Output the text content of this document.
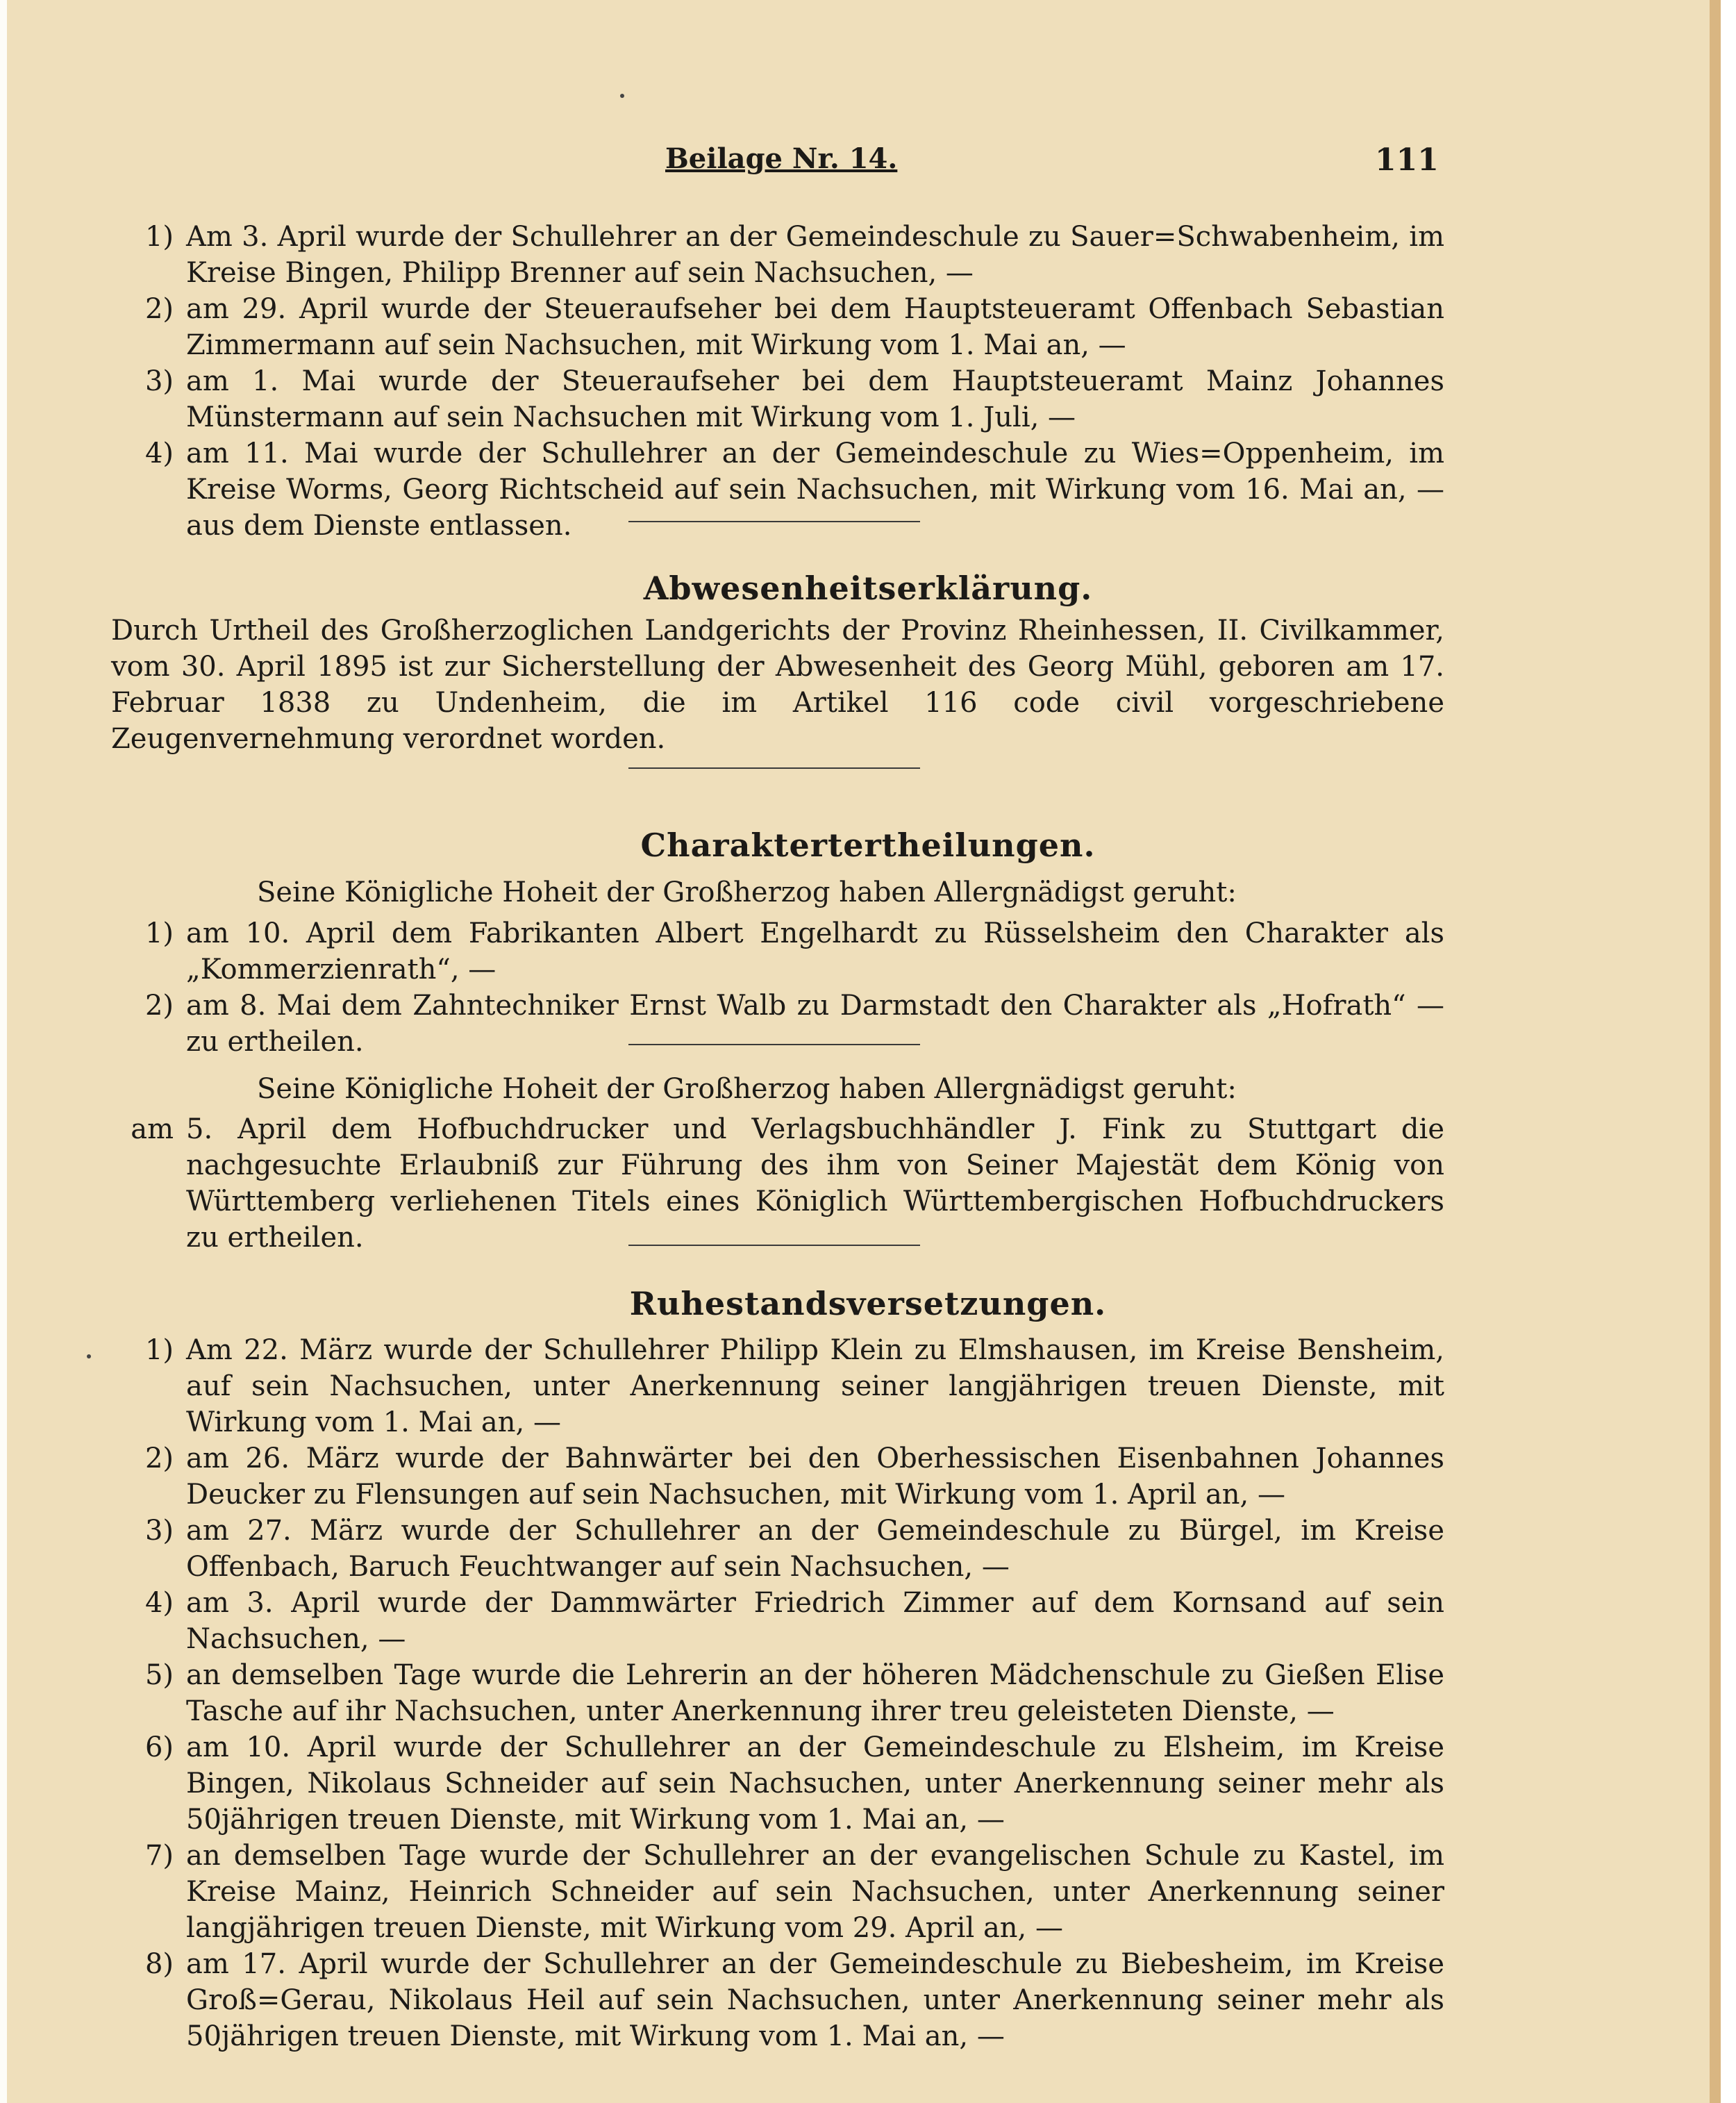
Beilage Nr. 14.	111
1) Am 3. April wurde der Schullehrer an der Gemeindeschule zu Sauer=Schwabenheim, im Kreise Bingen, Philipp Brenner auf sein Nachsuchen, —
2) am 29. April wurde der Steueraufseher bei dem Hauptsteueramt Offenbach Sebastian Zimmermann auf sein Nachsuchen, mit Wirkung vom 1. Mai an, —
3) am 1. Mai wurde der Steueraufseher bei dem Hauptsteueramt Mainz Johannes Münstermann auf sein Nachsuchen mit Wirkung vom 1. Juli, —
4) am 11. Mai wurde der Schullehrer an der Gemeindeschule zu Wies=Oppenheim, im Kreise Worms, Georg Richtscheid auf sein Nachsuchen, mit Wirkung vom 16. Mai an, — aus dem Dienste entlassen.
Abwesenheitserklärung.
Durch Urtheil des Großherzoglichen Landgerichts der Provinz Rheinhessen, II. Civilkammer, vom 30. April 1895 ist zur Sicherstellung der Abwesenheit des Georg Mühl, geboren am 17. Februar 1838 zu Undenheim, die im Artikel 116 code civil vorgeschriebene Zeugenvernehmung verordnet worden.
Charaktertertheilungen.
Seine Königliche Hoheit der Großherzog haben Allergnädigst geruht:
1) am 10. April dem Fabrikanten Albert Engelhardt zu Rüsselsheim den Charakter als „Kommerzienrath“, —
2) am 8. Mai dem Zahntechniker Ernst Walb zu Darmstadt den Charakter als „Hofrath“ — zu ertheilen.
Seine Königliche Hoheit der Großherzog haben Allergnädigst geruht:
am 5. April dem Hofbuchdrucker und Verlagsbuchhändler J. Fink zu Stuttgart die nachgesuchte Erlaubniß zur Führung des ihm von Seiner Majestät dem König von Württemberg verliehenen Titels eines Königlich Württembergischen Hofbuchdruckers zu ertheilen.
Ruhestandsversetzungen.
1) Am 22. März wurde der Schullehrer Philipp Klein zu Elmshausen, im Kreise Bensheim, auf sein Nachsuchen, unter Anerkennung seiner langjährigen treuen Dienste, mit Wirkung vom 1. Mai an, —
2) am 26. März wurde der Bahnwärter bei den Oberhessischen Eisenbahnen Johannes Deucker zu Flensungen auf sein Nachsuchen, mit Wirkung vom 1. April an, —
3) am 27. März wurde der Schullehrer an der Gemeindeschule zu Bürgel, im Kreise Offenbach, Baruch Feuchtwanger auf sein Nachsuchen, —
4) am 3. April wurde der Dammwärter Friedrich Zimmer auf dem Kornsand auf sein Nachsuchen, —
5) an demselben Tage wurde die Lehrerin an der höheren Mädchenschule zu Gießen Elise Tasche auf ihr Nachsuchen, unter Anerkennung ihrer treu geleisteten Dienste, —
6) am 10. April wurde der Schullehrer an der Gemeindeschule zu Elsheim, im Kreise Bingen, Nikolaus Schneider auf sein Nachsuchen, unter Anerkennung seiner mehr als 50jährigen treuen Dienste, mit Wirkung vom 1. Mai an, —
7) an demselben Tage wurde der Schullehrer an der evangelischen Schule zu Kastel, im Kreise Mainz, Heinrich Schneider auf sein Nachsuchen, unter Anerkennung seiner langjährigen treuen Dienste, mit Wirkung vom 29. April an, —
8) am 17. April wurde der Schullehrer an der Gemeindeschule zu Biebesheim, im Kreise Groß=Gerau, Nikolaus Heil auf sein Nachsuchen, unter Anerkennung seiner mehr als 50jährigen treuen Dienste, mit Wirkung vom 1. Mai an, —
